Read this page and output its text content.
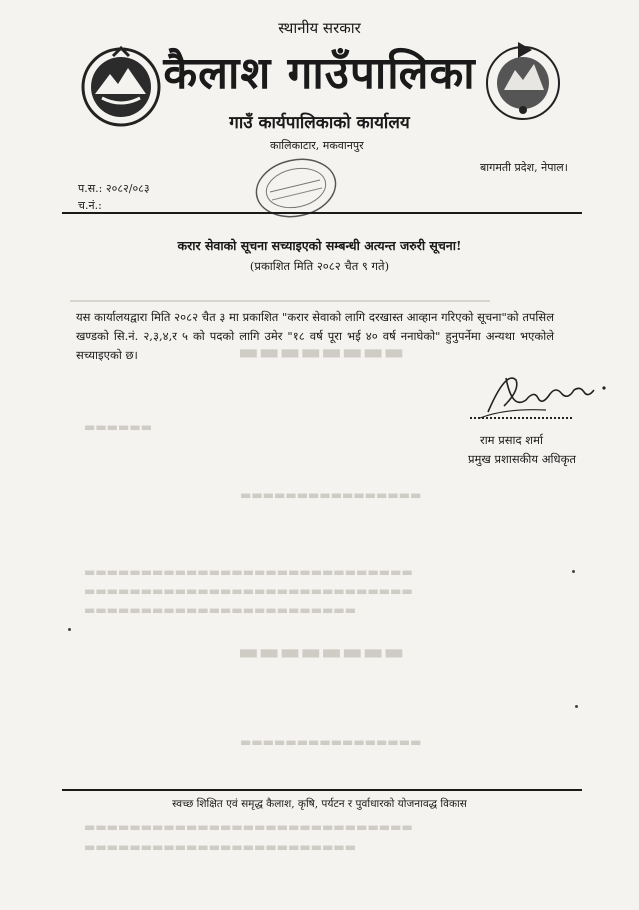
▬▬▬▬▬▬▬▬
▬▬▬▬▬▬
▬▬▬▬▬▬▬▬▬▬▬▬▬▬▬▬
▬▬▬▬▬▬▬▬▬▬▬▬▬▬▬▬▬▬▬▬▬▬▬▬▬▬▬▬▬
▬▬▬▬▬▬▬▬▬▬▬▬▬▬▬▬▬▬▬▬▬▬▬▬▬▬▬▬▬
▬▬▬▬▬▬▬▬▬▬▬▬▬▬▬▬▬▬▬▬▬▬▬▬
▬▬▬▬▬▬▬▬
▬▬▬▬▬▬▬▬▬▬▬▬▬▬▬▬
▬▬▬▬▬▬▬▬▬▬▬▬▬▬▬▬▬▬▬▬▬▬▬▬▬▬▬▬▬
▬▬▬▬▬▬▬▬▬▬▬▬▬▬▬▬▬▬▬▬▬▬▬▬
स्थानीय सरकार
कैलाश गाउँपालिका
गाउँ कार्यपालिकाको कार्यालय
कालिकाटार, मकवानपुर
बागमती प्रदेश, नेपाल।
प.स.: २०८२/०८३
च.नं.:
करार सेवाको सूचना सच्याइएको सम्बन्धी अत्यन्त जरुरी सूचना!
(प्रकाशित मिति २०८२ चैत ९ गते)
यस कार्यालयद्वारा मिति २०८२ चैत ३ मा प्रकाशित "करार सेवाको लागि दरखास्त आव्हान गरिएको सूचना"को तपसिल खण्डको सि.नं. २,३,४,र ५ को पदको लागि उमेर "१८ वर्ष पूरा भई ४० वर्ष ननाघेको" हुनुपर्नेमा अन्यथा भएकोले सच्याइएको छ।
राम प्रसाद शर्मा
प्रमुख प्रशासकीय अधिकृत
स्वच्छ शिक्षित एवं समृद्ध कैलाश, कृषि, पर्यटन र पुर्वाधारको योजनावद्ध विकास
